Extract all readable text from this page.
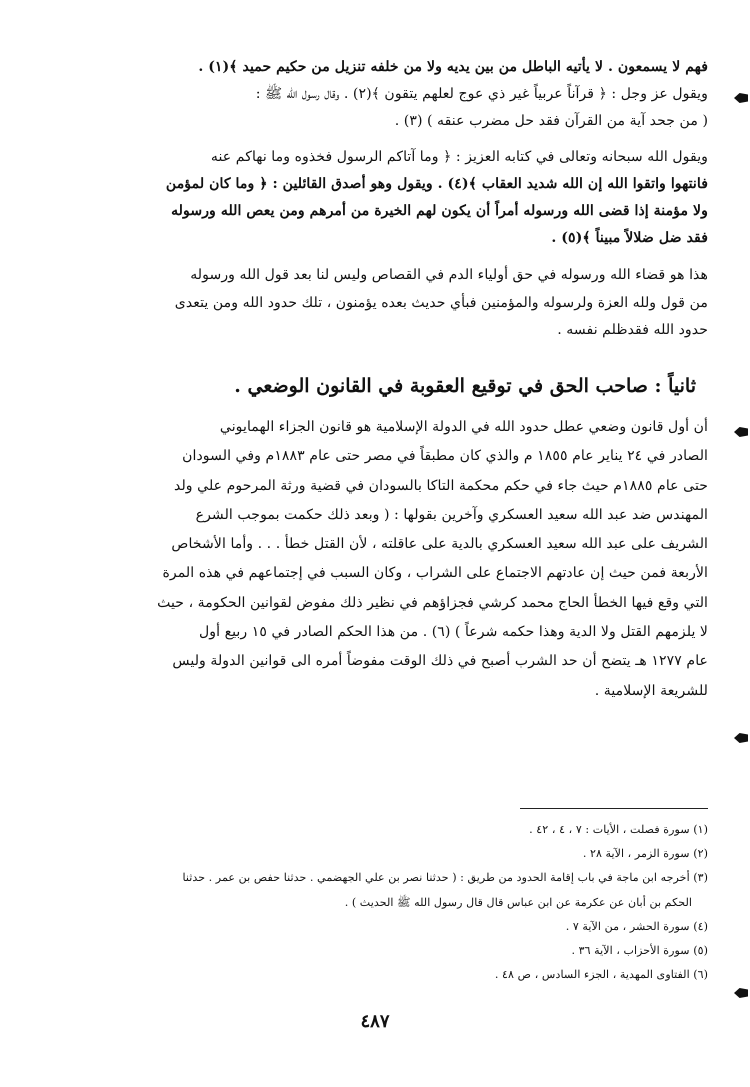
فهم لا يسمعون . لا يأتيه الباطل من بين يديه ولا من خلفه تنزيل من حكيم حميد ﴾(١) .
ويقول عز وجل : ﴿ قرآناً عربياً غير ذي عوج لعلهم يتقون ﴾(٢) . وقال رسول الله ﷺ :
( من جحد آية من القرآن فقد حل مضرب عنقه ) (٣) .

ويقول الله سبحانه وتعالى في كتابه العزيز : ﴿ وما آتاكم الرسول فخذوه وما نهاكم عنه
فانتهوا واتقوا الله إن الله شديد العقاب ﴾(٤) . ويقول وهو أصدق القائلين : ﴿ وما كان لمؤمن
ولا مؤمنة إذا قضى الله ورسوله أمراً أن يكون لهم الخيرة من أمرهم ومن يعص الله ورسوله
فقد ضل ضلالاً مبيناً ﴾(٥) .

هذا هو قضاء الله ورسوله في حق أولياء الدم في القصاص وليس لنا بعد قول الله ورسوله
من قول ولله العزة ولرسوله والمؤمنين فبأي حديث بعده يؤمنون ، تلك حدود الله ومن يتعدى
حدود الله فقدظلم نفسه .

ثانياً : صاحب الحق في توقيع العقوبة في القانون الوضعي .

أن أول قانون وضعي عطل حدود الله في الدولة الإسلامية هو قانون الجزاء الهمايوني
الصادر في ٢٤ يناير عام ١٨٥٥ م والذي كان مطبقاً في مصر حتى عام ١٨٨٣م وفي السودان
حتى عام ١٨٨٥م حيث جاء في حكم محكمة التاكا بالسودان في قضية ورثة المرحوم علي ولد
المهندس ضد عبد الله سعيد العسكري وآخرين بقولها : ( وبعد ذلك حكمت بموجب الشرع
الشريف على عبد الله سعيد العسكري بالدية على عاقلته ، لأن القتل خطأ . . . وأما الأشخاص
الأربعة فمن حيث إن عادتهم الاجتماع على الشراب ، وكان السبب في إجتماعهم في هذه المرة
التي وقع فيها الخطأ الحاج محمد كرشي فجزاؤهم في نظير ذلك مفوض لقوانين الحكومة ، حيث
لا يلزمهم القتل ولا الدية وهذا حكمه شرعاً ) (٦) . من هذا الحكم الصادر في ١٥ ربيع أول
عام ١٢٧٧ هـ يتضح أن حد الشرب أصبح في ذلك الوقت مفوضاً أمره الى قوانين الدولة وليس
للشريعة الإسلامية .

(١) سورة فصلت ، الأيات : ٧ ، ٤ ، ٤٢ .
(٢) سورة الزمر ، الآية ٢٨ .
(٣) أخرجه ابن ماجة في باب إقامة الحدود من طريق : ( حدثنا نصر بن علي الجهضمي . حدثنا حفص بن عمر . حدثنا
الحكم بن أبان عن عكرمة عن ابن عباس قال قال رسول الله ﷺ الحديث ) .
(٤) سورة الحشر ، من الآية ٧ .
(٥) سورة الأحزاب ، الآية ٣٦ .
(٦) الفتاوى المهدية ، الجزء السادس ، ص ٤٨ .
٤٨٧
